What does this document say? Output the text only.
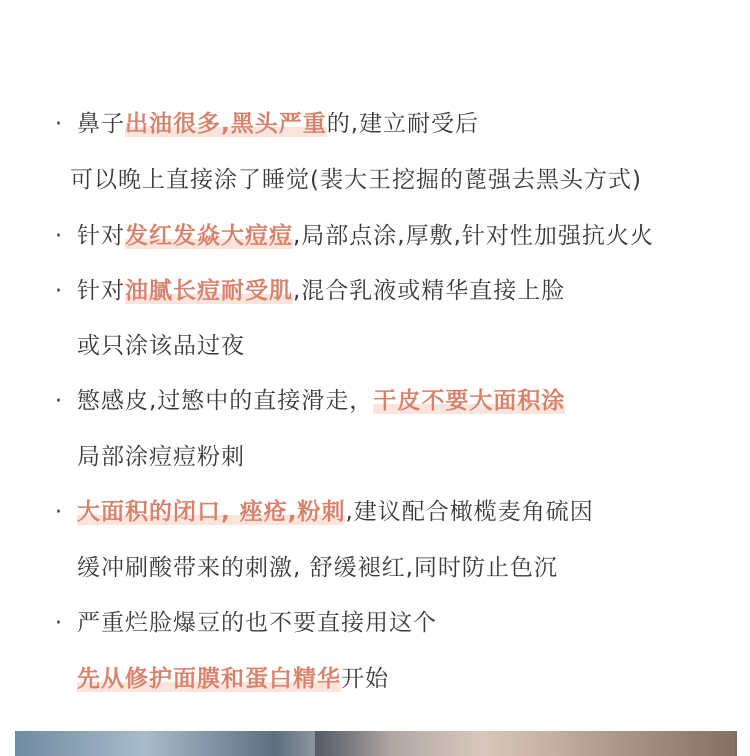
· 鼻子出油很多,黑头严重的,建立耐受后
可以晚上直接涂了睡觉(裴大王挖掘的蓖强去黑头方式)
· 针对发红发焱大痘痘,局部点涂,厚敷,针对性加强抗火火
· 针对油腻长痘耐受肌,混合乳液或精华直接上脸
或只涂该品过夜
· 慜感皮,过慜中的直接滑走，干皮不要大面积涂
局部涂痘痘粉刺
· 大面积的闭口, 痤疮,粉刺,建议配合橄榄麦角硫因
缓冲刷酸带来的刺激, 舒缓褪红,同时防止色沉
· 严重烂脸爆豆的也不要直接用这个
先从修护面膜和蛋白精华开始
